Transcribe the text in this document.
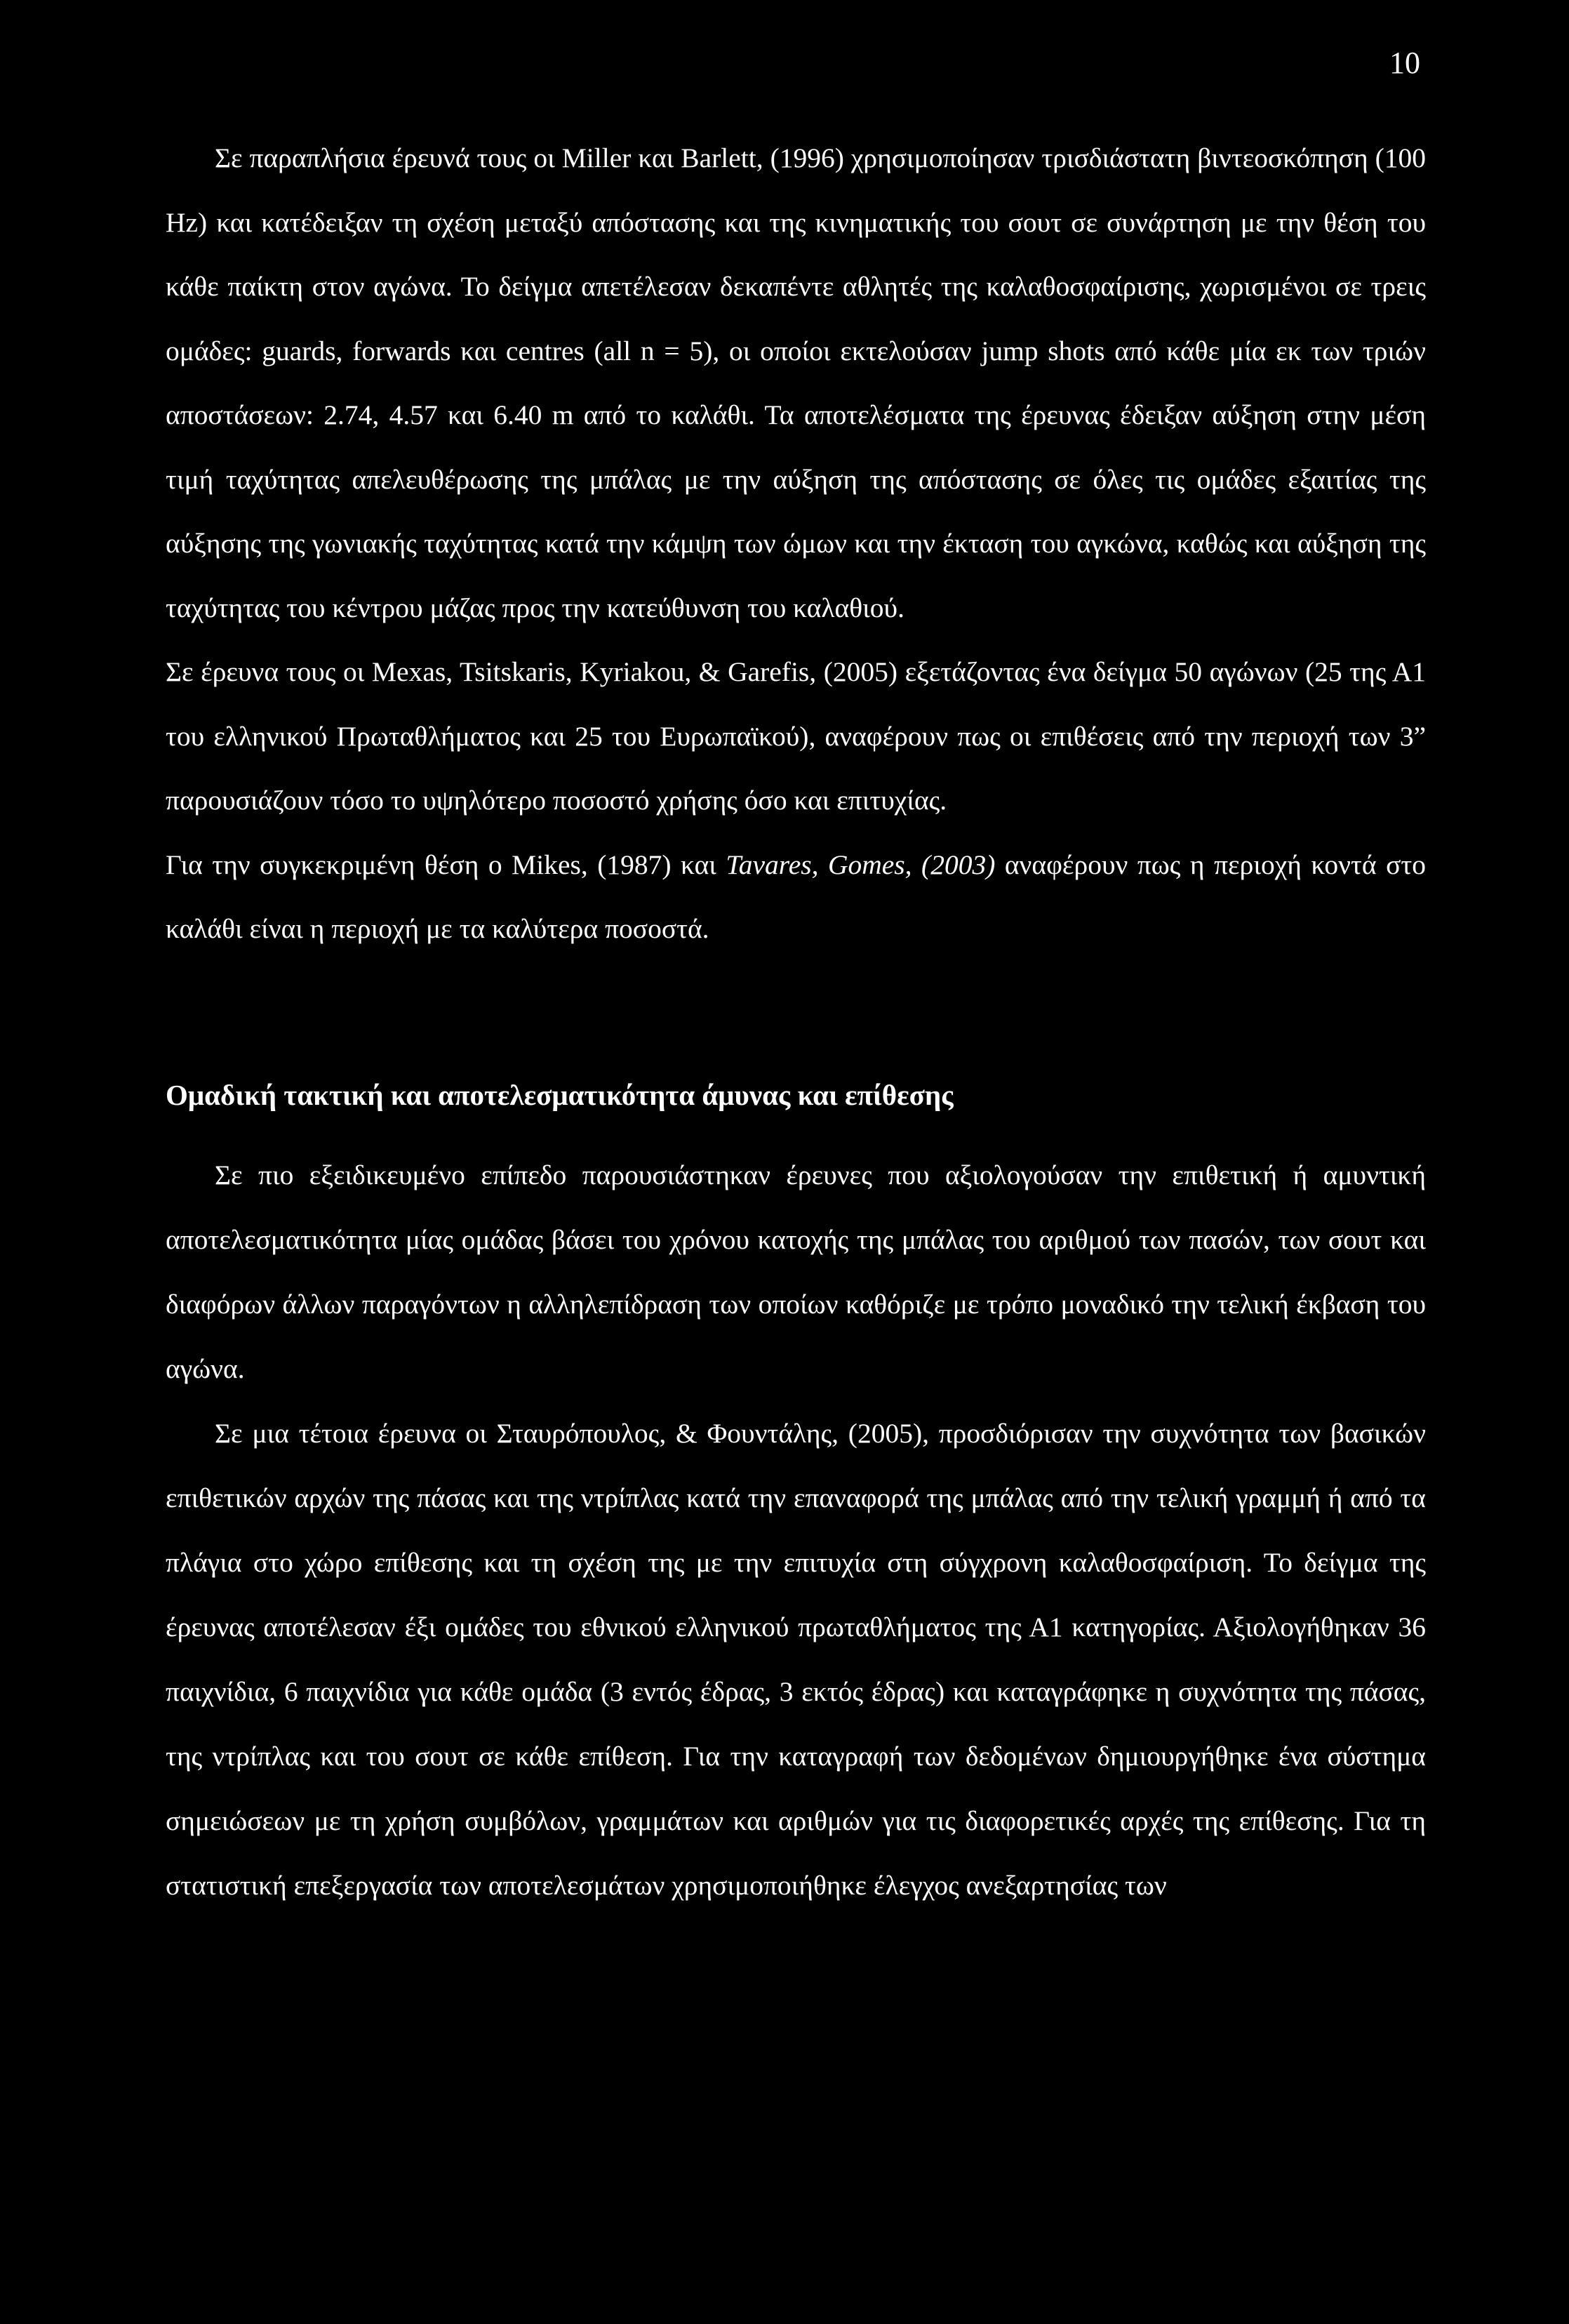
10

Σε παραπλήσια έρευνά τους οι Miller και Barlett, (1996) χρησιμοποίησαν τρισδιάστατη βιντεοσκόπηση (100 Hz) και κατέδειξαν τη σχέση μεταξύ απόστασης και της κινηματικής του σουτ σε συνάρτηση με την θέση του κάθε παίκτη στον αγώνα. Το δείγμα απετέλεσαν δεκαπέντε αθλητές της καλαθοσφαίρισης, χωρισμένοι σε τρεις ομάδες: guards, forwards και centres (all n = 5), οι οποίοι εκτελούσαν jump shots από κάθε μία εκ των τριών αποστάσεων: 2.74, 4.57 και 6.40 m από το καλάθι. Τα αποτελέσματα της έρευνας έδειξαν αύξηση στην μέση τιμή ταχύτητας απελευθέρωσης της μπάλας με την αύξηση της απόστασης σε όλες τις ομάδες εξαιτίας της αύξησης της γωνιακής ταχύτητας κατά την κάμψη των ώμων και την έκταση του αγκώνα, καθώς και αύξηση της ταχύτητας του κέντρου μάζας προς την κατεύθυνση του καλαθιού.

Σε έρευνα τους οι Mexas, Tsitskaris, Kyriakou, & Garefis, (2005) εξετάζοντας ένα δείγμα 50 αγώνων (25 της Α1 του ελληνικού Πρωταθλήματος και 25 του Ευρωπαϊκού), αναφέρουν πως οι επιθέσεις από την περιοχή των 3” παρουσιάζουν τόσο το υψηλότερο ποσοστό χρήσης όσο και επιτυχίας.

Για την συγκεκριμένη θέση ο Mikes, (1987) και Tavares, Gomes, (2003) αναφέρουν πως η περιοχή κοντά στο καλάθι είναι η περιοχή με τα καλύτερα ποσοστά.

Ομαδική τακτική και αποτελεσματικότητα άμυνας και επίθεσης

Σε πιο εξειδικευμένο επίπεδο παρουσιάστηκαν έρευνες που αξιολογούσαν την επιθετική ή αμυντική αποτελεσματικότητα μίας ομάδας βάσει του χρόνου κατοχής της μπάλας του αριθμού των πασών, των σουτ και διαφόρων άλλων παραγόντων η αλληλεπίδραση των οποίων καθόριζε με τρόπο μοναδικό την τελική έκβαση του αγώνα.

Σε μια τέτοια έρευνα οι Σταυρόπουλος, & Φουντάλης, (2005), προσδιόρισαν την συχνότητα των βασικών επιθετικών αρχών της πάσας και της ντρίπλας κατά την επαναφορά της μπάλας από την τελική γραμμή ή από τα πλάγια στο χώρο επίθεσης και τη σχέση της με την επιτυχία στη σύγχρονη καλαθοσφαίριση. Το δείγμα της έρευνας αποτέλεσαν έξι ομάδες του εθνικού ελληνικού πρωταθλήματος της Α1 κατηγορίας. Αξιολογήθηκαν 36 παιχνίδια, 6 παιχνίδια για κάθε ομάδα (3 εντός έδρας, 3 εκτός έδρας) και καταγράφηκε η συχνότητα της πάσας, της ντρίπλας και του σουτ σε κάθε επίθεση. Για την καταγραφή των δεδομένων δημιουργήθηκε ένα σύστημα σημειώσεων με τη χρήση συμβόλων, γραμμάτων και αριθμών για τις διαφορετικές αρχές της επίθεσης. Για τη στατιστική επεξεργασία των αποτελεσμάτων χρησιμοποιήθηκε έλεγχος ανεξαρτησίας των
